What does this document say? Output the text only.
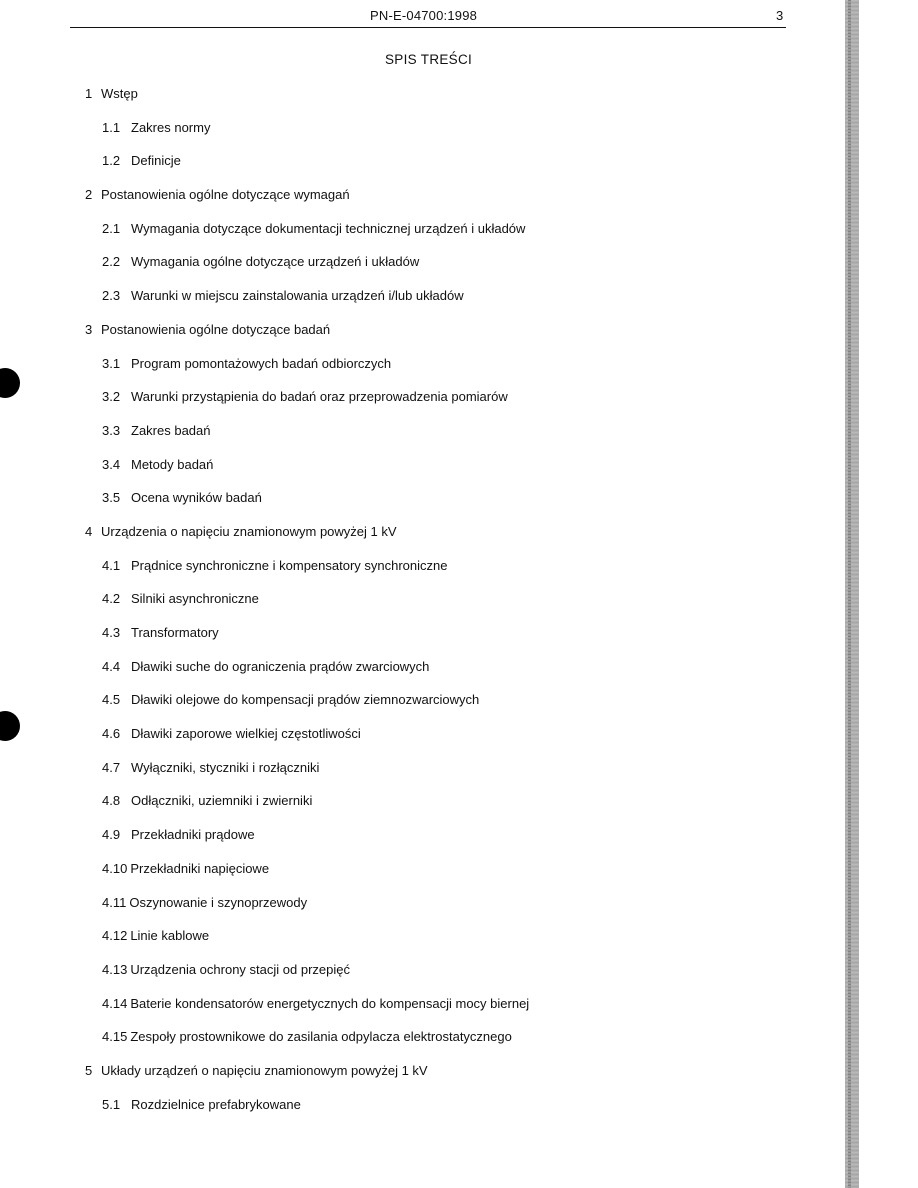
PN-E-04700:1998	3
SPIS TREŚCI
1 Wstęp
1.1 Zakres normy
1.2 Definicje
2 Postanowienia ogólne dotyczące wymagań
2.1 Wymagania dotyczące dokumentacji technicznej urządzeń i układów
2.2 Wymagania ogólne dotyczące urządzeń i układów
2.3 Warunki w miejscu zainstalowania urządzeń i/lub układów
3 Postanowienia ogólne dotyczące badań
3.1 Program pomontażowych badań odbiorczych
3.2 Warunki przystąpienia do badań oraz przeprowadzenia pomiarów
3.3 Zakres badań
3.4 Metody badań
3.5 Ocena wyników badań
4 Urządzenia o napięciu znamionowym powyżej 1 kV
4.1 Prądnice synchroniczne i kompensatory synchroniczne
4.2 Silniki asynchroniczne
4.3 Transformatory
4.4 Dławiki suche do ograniczenia prądów zwarciowych
4.5 Dławiki olejowe do kompensacji prądów ziemnozwarciowych
4.6 Dławiki zaporowe wielkiej częstotliwości
4.7 Wyłączniki, styczniki i rozłączniki
4.8 Odłączniki, uziemniki i zwierniki
4.9 Przekładniki prądowe
4.10 Przekładniki napięciowe
4.11 Oszynowanie i szynoprzewody
4.12 Linie kablowe
4.13 Urządzenia ochrony stacji od przepięć
4.14 Baterie kondensatorów energetycznych do kompensacji mocy biernej
4.15 Zespoły prostownikowe do zasilania odpylacza elektrostatycznego
5 Układy urządzeń o napięciu znamionowym powyżej 1 kV
5.1 Rozdzielnice prefabrykowane
